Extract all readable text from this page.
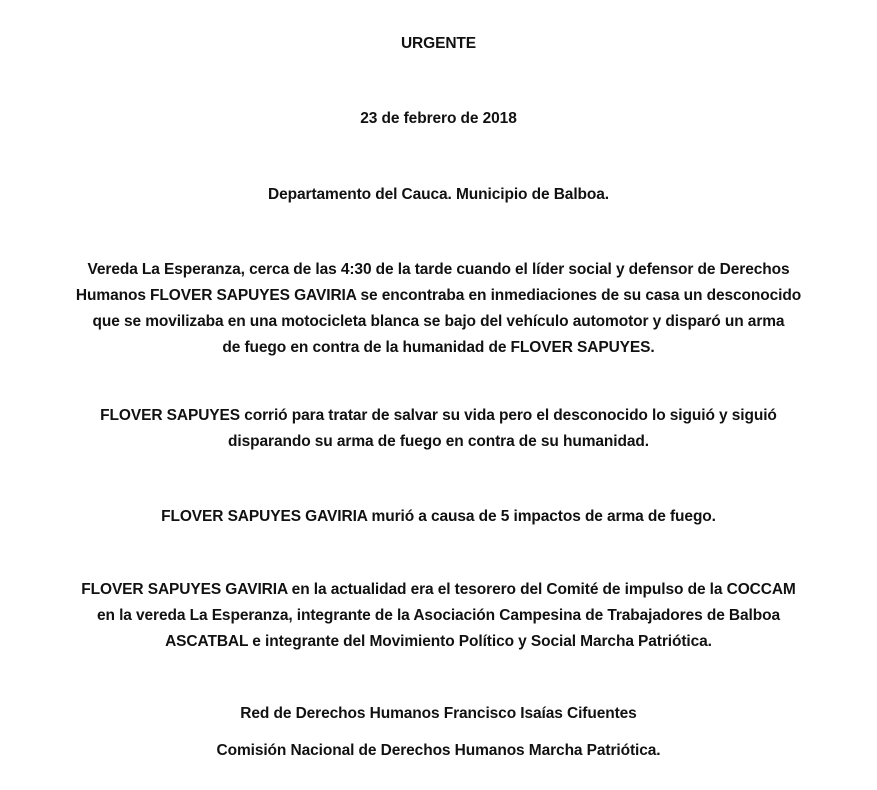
URGENTE
23 de febrero de 2018
Departamento del Cauca. Municipio de Balboa.
Vereda La Esperanza, cerca de las 4:30 de la tarde cuando el líder social y defensor de Derechos
Humanos FLOVER SAPUYES GAVIRIA se encontraba en inmediaciones de su casa un desconocido
que se movilizaba en una motocicleta blanca se bajo del vehículo automotor y disparó un arma
de fuego en contra de la humanidad de FLOVER SAPUYES.
FLOVER SAPUYES corrió para tratar de salvar su vida pero el desconocido lo siguió y siguió
disparando su arma de fuego en contra de su humanidad.
FLOVER SAPUYES GAVIRIA murió a causa de 5 impactos de arma de fuego.
FLOVER SAPUYES GAVIRIA en la actualidad era el tesorero del Comité de impulso de la COCCAM
en la vereda La Esperanza, integrante de la Asociación Campesina de Trabajadores de Balboa
ASCATBAL e integrante del Movimiento Político y Social Marcha Patriótica.
Red de Derechos Humanos Francisco Isaías Cifuentes
Comisión Nacional de Derechos Humanos Marcha Patriótica.
